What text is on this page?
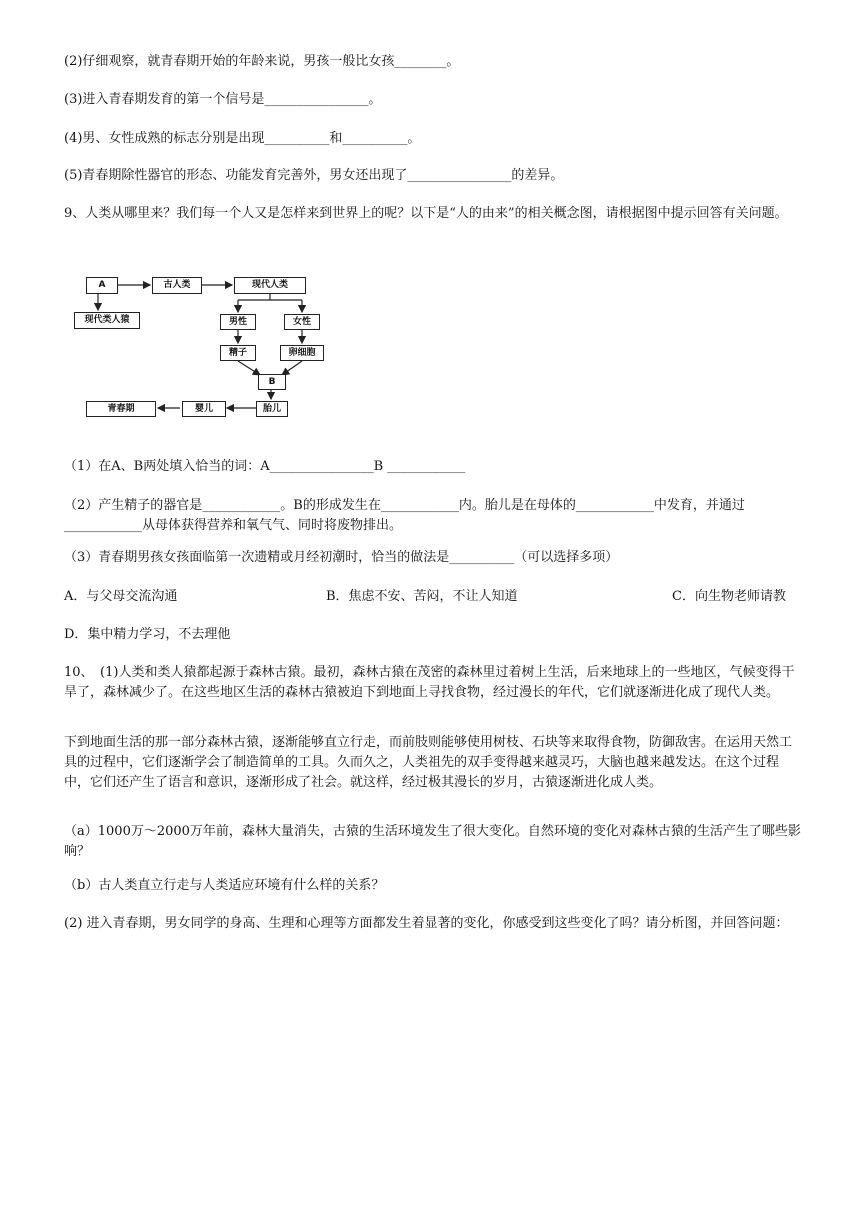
(2)仔细观察，就青春期开始的年龄来说，男孩一般比女孩________。
(3)进入青春期发育的第一个信号是________________。
(4)男、女性成熟的标志分别是出现__________和__________。
(5)青春期除性器官的形态、功能发育完善外，男女还出现了________________的差异。
9、人类从哪里来？我们每一个人又是怎样来到世界上的呢？以下是“人的由来”的相关概念图，请根据图中提示回答有关问题。
A	古人类	现代人类
现代类人猿	男性	女性
精子	卵细胞
B
胎儿
婴儿
青春期
（1）在A、B两处填入恰当的词：A________________B ____________
（2）产生精子的器官是____________。B的形成发生在____________内。胎儿是在母体的____________中发育，并通过____________从母体获得营养和氧气气、同时将废物排出。
（3）青春期男孩女孩面临第一次遗精或月经初潮时，恰当的做法是__________（可以选择多项）
A．与父母交流沟通	B．焦虑不安、苦闷，不让人知道	C．向生物老师请教
D．集中精力学习，不去理他
10、　(1)人类和类人猿都起源于森林古猿。最初，森林古猿在茂密的森林里过着树上生活，后来地球上的一些地区，气候变得干旱了，森林减少了。在这些地区生活的森林古猿被迫下到地面上寻找食物，经过漫长的年代，它们就逐渐进化成了现代人类。
下到地面生活的那一部分森林古猿，逐渐能够直立行走，而前肢则能够使用树枝、石块等来取得食物，防御敌害。在运用天然工具的过程中，它们逐渐学会了制造简单的工具。久而久之，人类祖先的双手变得越来越灵巧，大脑也越来越发达。在这个过程中，它们还产生了语言和意识，逐渐形成了社会。就这样，经过极其漫长的岁月，古猿逐渐进化成人类。
（a）1000万～2000万年前，森林大量消失，古猿的生活环境发生了很大变化。自然环境的变化对森林古猿的生活产生了哪些影响？
（b）古人类直立行走与人类适应环境有什么样的关系？
(2) 进入青春期，男女同学的身高、生理和心理等方面都发生着显著的变化，你感受到这些变化了吗？请分析图，并回答问题：
